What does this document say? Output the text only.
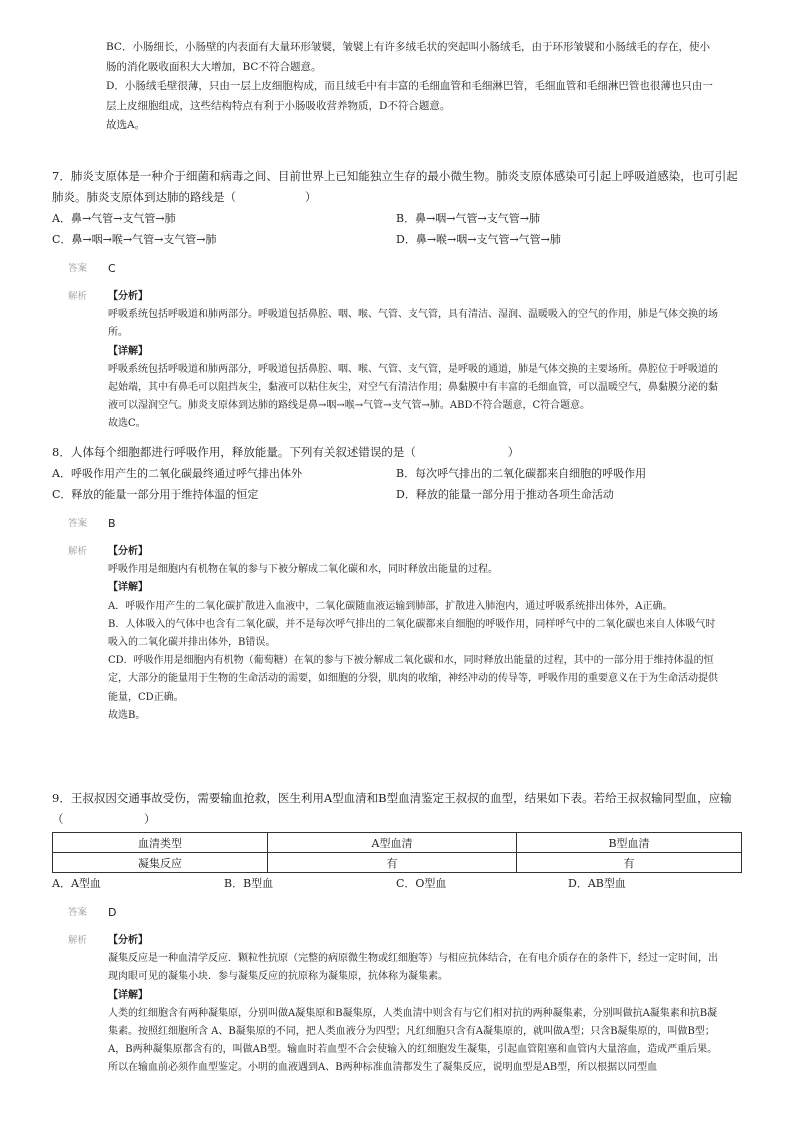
BC．小肠细长，小肠壁的内表面有大量环形皱襞，皱襞上有许多绒毛状的突起叫小肠绒毛，由于环形皱襞和小肠绒毛的存在，使小肠的消化吸收面积大大增加，BC不符合题意。

D．小肠绒毛壁很薄，只由一层上皮细胞构成，而且绒毛中有丰富的毛细血管和毛细淋巴管，毛细血管和毛细淋巴管也很薄也只由一层上皮细胞组成，这些结构特点有利于小肠吸收营养物质，D不符合题意。

故选A。

7．肺炎支原体是一种介于细菌和病毒之间、目前世界上已知能独立生存的最小微生物。肺炎支原体感染可引起上呼吸道感染，也可引起肺炎。肺炎支原体到达肺的路线是（　　　　　　）

A．鼻→气管→支气管→肺	B．鼻→咽→气管→支气管→肺
C．鼻→咽→喉→气管→支气管→肺	D．鼻→喉→咽→支气管→气管→肺
答案 C
解析 【分析】

呼吸系统包括呼吸道和肺两部分。呼吸道包括鼻腔、咽、喉、气管、支气管，具有清洁、湿润、温暖吸入的空气的作用，肺是气体交换的场所。

【详解】

呼吸系统包括呼吸道和肺两部分，呼吸道包括鼻腔、咽、喉、气管、支气管，是呼吸的通道，肺是气体交换的主要场所。鼻腔位于呼吸道的起始端，其中有鼻毛可以阻挡灰尘，黏液可以粘住灰尘，对空气有清洁作用；鼻黏膜中有丰富的毛细血管，可以温暖空气，鼻黏膜分泌的黏液可以湿润空气。肺炎支原体到达肺的路线是鼻→咽→喉→气管→支气管→肺。ABD不符合题意，C符合题意。

故选C。

8．人体每个细胞都进行呼吸作用，释放能量。下列有关叙述错误的是（　　　　　　　　）

A．呼吸作用产生的二氧化碳最终通过呼气排出体外	B．每次呼气排出的二氧化碳都来自细胞的呼吸作用
C．释放的能量一部分用于维持体温的恒定	D．释放的能量一部分用于推动各项生命活动
答案 B
解析 【分析】

呼吸作用是细胞内有机物在氧的参与下被分解成二氧化碳和水，同时释放出能量的过程。

【详解】

A．呼吸作用产生的二氧化碳扩散进入血液中，二氧化碳随血液运输到肺部，扩散进入肺泡内，通过呼吸系统排出体外，A正确。

B．人体吸入的气体中也含有二氧化碳，并不是每次呼气排出的二氧化碳都来自细胞的呼吸作用，同样呼气中的二氧化碳也来自人体吸气时吸入的二氧化碳并排出体外，B错误。

CD．呼吸作用是细胞内有机物（葡萄糖）在氧的参与下被分解成二氧化碳和水，同时释放出能量的过程，其中的一部分用于维持体温的恒定，大部分的能量用于生物的生命活动的需要，如细胞的分裂，肌肉的收缩，神经冲动的传导等，呼吸作用的重要意义在于为生命活动提供能量，CD正确。

故选B。

9．王叔叔因交通事故受伤，需要输血抢救，医生利用A型血清和B型血清鉴定王叔叔的血型，结果如下表。若给王叔叔输同型血，应输（　　　　　　　）

血清类型	A型血清	B型血清
凝集反应	有	有
A．A型血	B．B型血	C．O型血	D．AB型血
答案 D
解析 【分析】

凝集反应是一种血清学反应．颗粒性抗原（完整的病原微生物或红细胞等）与相应抗体结合，在有电介质存在的条件下，经过一定时间，出现肉眼可见的凝集小块．参与凝集反应的抗原称为凝集原，抗体称为凝集素。

【详解】

人类的红细胞含有两种凝集原，分别叫做A凝集原和B凝集原，人类血清中则含有与它们相对抗的两种凝集素，分别叫做抗A凝集素和抗B凝集素。按照红细胞所含 A、B凝集原的不同，把人类血液分为四型；凡红细胞只含有A凝集原的，就叫做A型；只含B凝集原的，叫做B型；A，B两种凝集原都含有的，叫做AB型。输血时若血型不合会使输入的红细胞发生凝集，引起血管阻塞和血管内大量溶血，造成严重后果。所以在输血前必须作血型鉴定。小明的血液遇到A、B两种标准血清都发生了凝集反应，说明血型是AB型，所以根据以同型血
